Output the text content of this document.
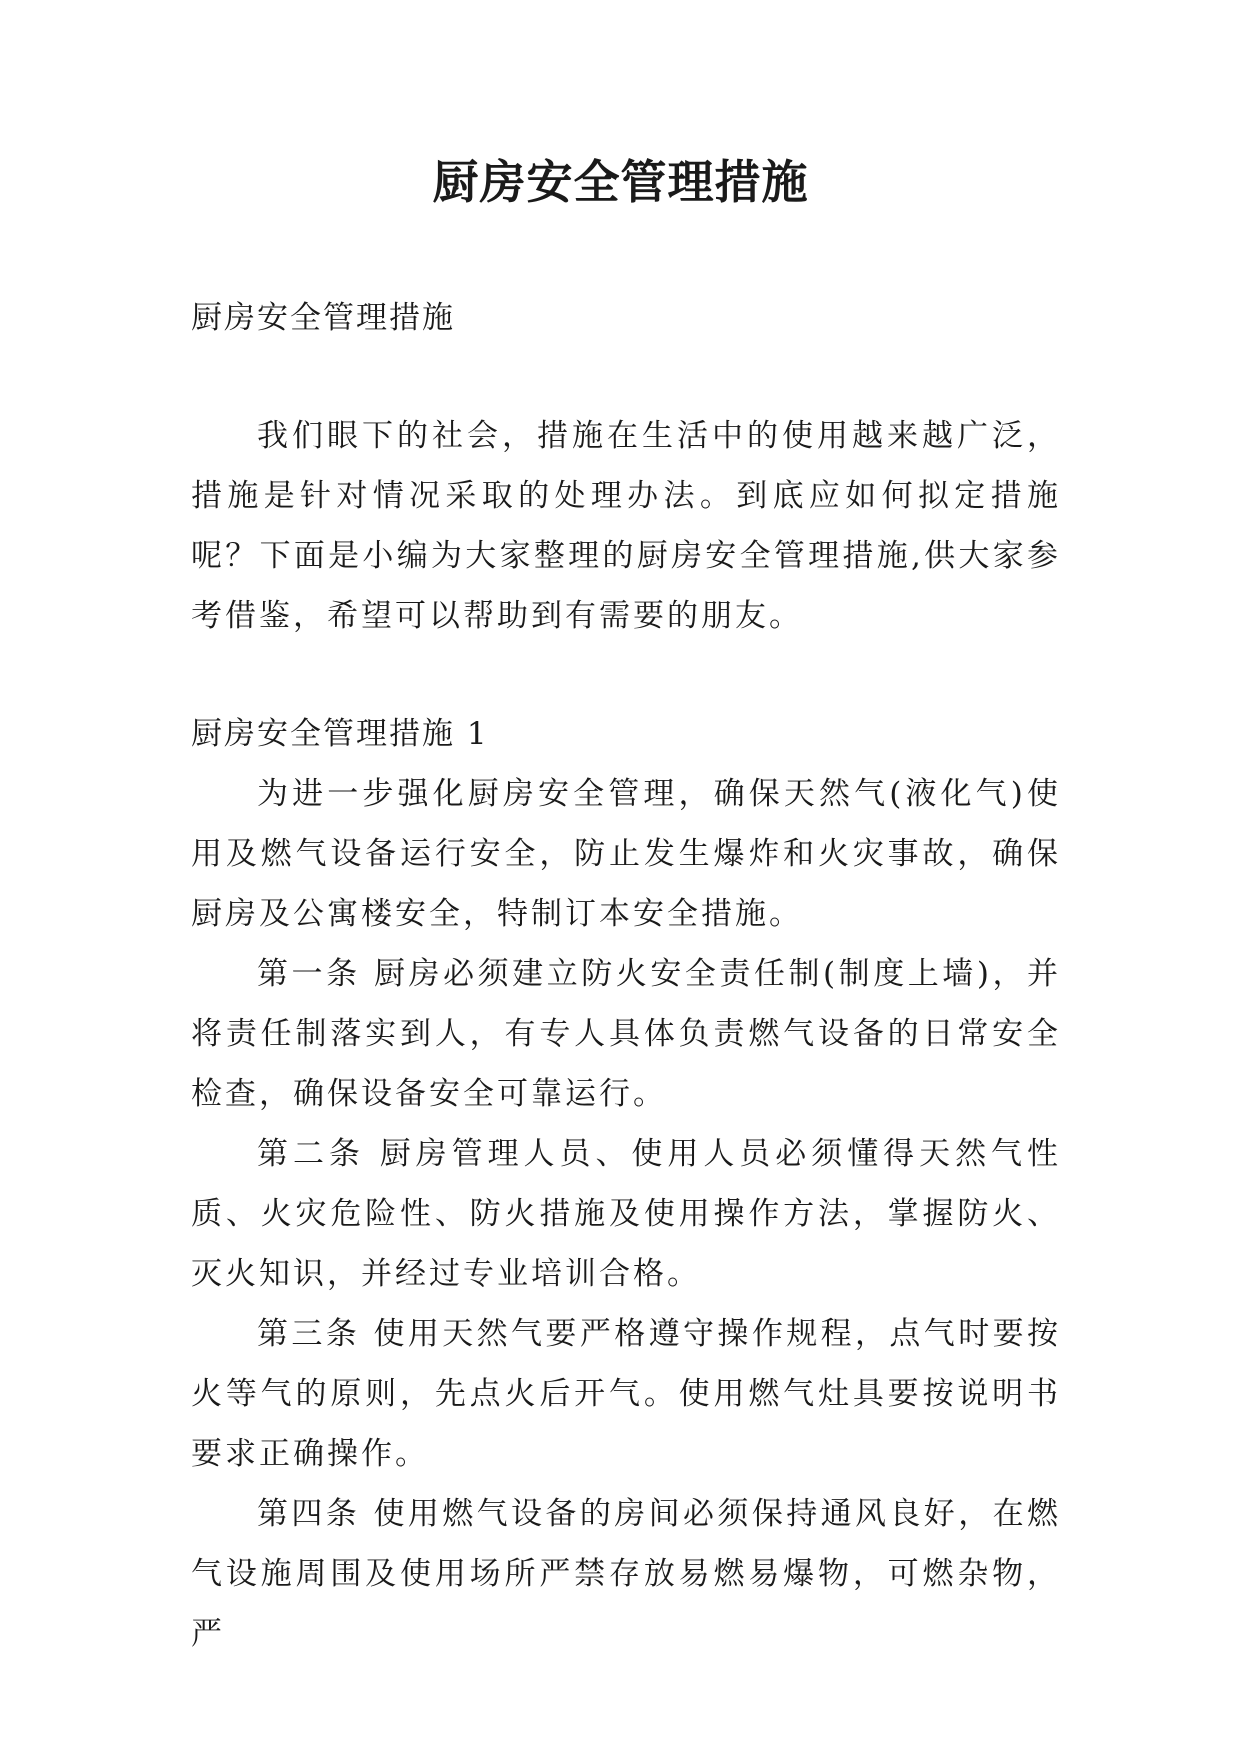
厨房安全管理措施
厨房安全管理措施

我们眼下的社会，措施在生活中的使用越来越广泛，措施是针对情况采取的处理办法。到底应如何拟定措施呢？下面是小编为大家整理的厨房安全管理措施,供大家参考借鉴，希望可以帮助到有需要的朋友。

厨房安全管理措施 1

为进一步强化厨房安全管理，确保天然气(液化气)使用及燃气设备运行安全，防止发生爆炸和火灾事故，确保厨房及公寓楼安全，特制订本安全措施。

第一条 厨房必须建立防火安全责任制(制度上墙)，并将责任制落实到人，有专人具体负责燃气设备的日常安全检查，确保设备安全可靠运行。

第二条 厨房管理人员、使用人员必须懂得天然气性质、火灾危险性、防火措施及使用操作方法，掌握防火、灭火知识，并经过专业培训合格。

第三条 使用天然气要严格遵守操作规程，点气时要按火等气的原则，先点火后开气。使用燃气灶具要按说明书要求正确操作。

第四条 使用燃气设备的房间必须保持通风良好，在燃气设施周围及使用场所严禁存放易燃易爆物，可燃杂物，严
